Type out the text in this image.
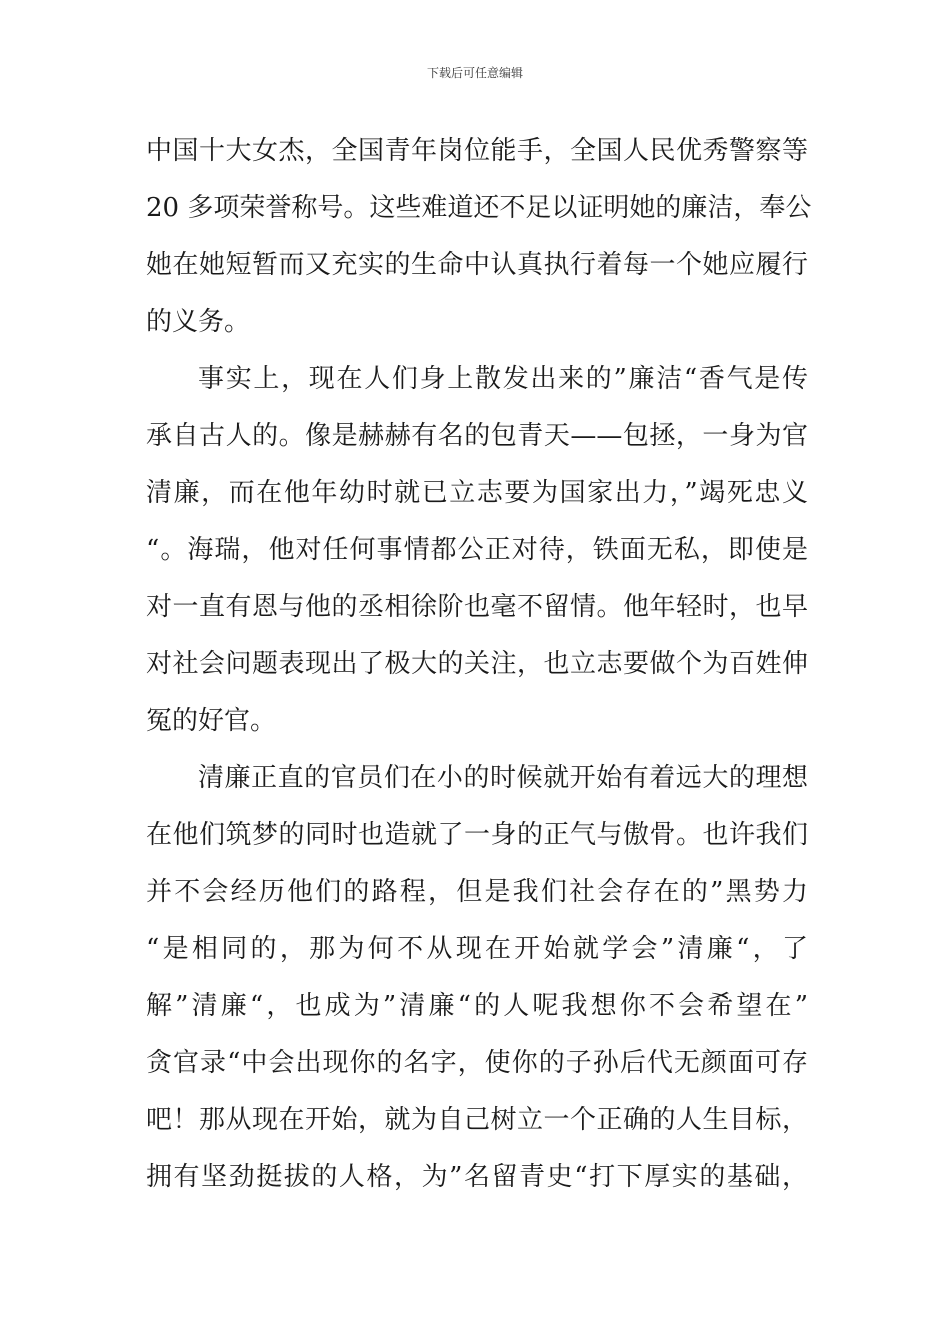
下载后可任意编辑
中国十大女杰，全国青年岗位能手，全国人民优秀警察等
20 多项荣誉称号。这些难道还不足以证明她的廉洁，奉公
她在她短暂而又充实的生命中认真执行着每一个她应履行
的义务。
事实上，现在人们身上散发出来的”廉洁“香气是传
承自古人的。像是赫赫有名的包青天——包拯，一身为官
清廉，而在他年幼时就已立志要为国家出力，”竭死忠义
“。海瑞，他对任何事情都公正对待，铁面无私，即使是
对一直有恩与他的丞相徐阶也毫不留情。他年轻时，也早
对社会问题表现出了极大的关注，也立志要做个为百姓伸
冤的好官。
清廉正直的官员们在小的时候就开始有着远大的理想
在他们筑梦的同时也造就了一身的正气与傲骨。也许我们
并不会经历他们的路程，但是我们社会存在的”黑势力
“是相同的，那为何不从现在开始就学会”清廉“，了
解”清廉“，也成为”清廉“的人呢我想你不会希望在”
贪官录“中会出现你的名字，使你的子孙后代无颜面可存
吧！那从现在开始，就为自己树立一个正确的人生目标，
拥有坚劲挺拔的人格，为”名留青史“打下厚实的基础，
